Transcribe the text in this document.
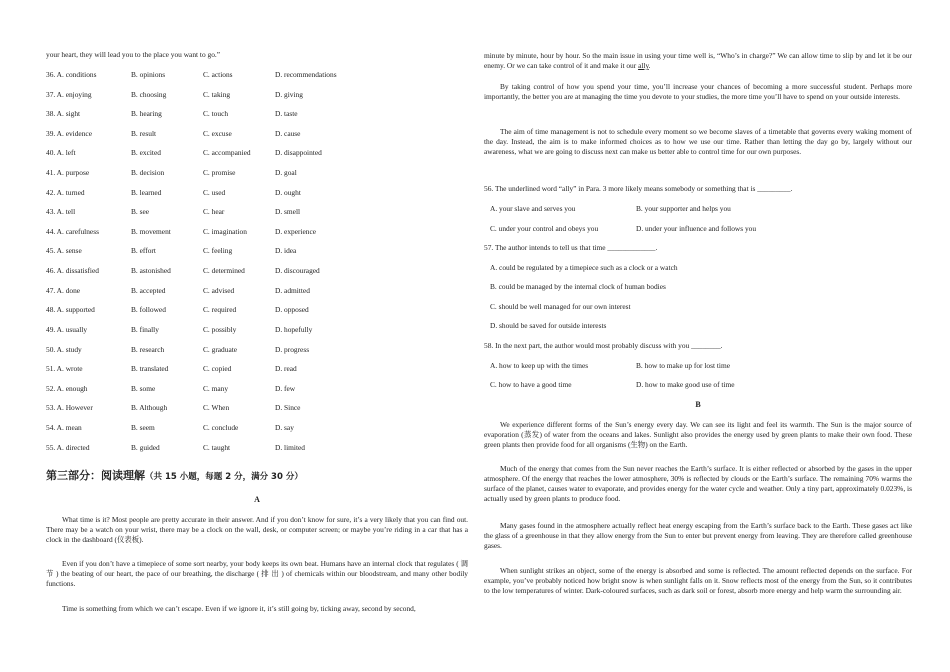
your heart, they will lead you to the place you want to go.”

36. A. conditions	B. opinions	C. actions	D. recommendations
37. A. enjoying	B. choosing	C. taking	D. giving
38. A. sight	B. hearing	C. touch	D. taste
39. A. evidence	B. result	C. excuse	D. cause
40. A. left	B. excited	C. accompanied	D. disappointed
41. A. purpose	B. decision	C. promise	D. goal
42. A. turned	B. learned	C. used	D. ought
43. A. tell	B. see	C. hear	D. smell
44. A. carefulness	B. movement	C. imagination	D. experience
45. A. sense	B. effort	C. feeling	D. idea
46. A. dissatisfied	B. astonished	C. determined	D. discouraged
47. A. done	B. accepted	C. advised	D. admitted
48. A. supported	B. followed	C. required	D. opposed
49. A. usually	B. finally	C. possibly	D. hopefully
50. A. study	B. research	C. graduate	D. progress
51. A. wrote	B. translated	C. copied	D. read
52. A. enough	B. some	C. many	D. few
53. A. However	B. Although	C. When	D. Since
54. A. mean	B. seem	C. conclude	D. say
55. A. directed	B. guided	C. taught	D. limited
第三部分：阅读理解（共 15 小题，每题 2 分，满分 30 分）

A

What time is it? Most people are pretty accurate in their answer. And if you don’t know for sure, it’s a very likely that you can find out. There may be a watch on your wrist, there may be a clock on the wall, desk, or computer screen; or maybe you’re riding in a car that has a clock in the dashboard (仪表板).

Even if you don’t have a timepiece of some sort nearby, your body keeps its own beat. Humans have an internal clock that regulates ( 调 节 ) the beating of our heart, the pace of our breathing, the discharge ( 排 出 ) of chemicals within our bloodstream, and many other bodily functions.

Time is something from which we can’t escape. Even if we ignore it, it’s still going by, ticking away, second by second,

minute by minute, hour by hour. So the main issue in using your time well is, “Who’s in charge?” We can allow time to slip by and let it be our enemy. Or we can take control of it and make it our ally.

By taking control of how you spend your time, you’ll increase your chances of becoming a more successful student. Perhaps more importantly, the better you are at managing the time you devote to your studies, the more time you’ll have to spend on your outside interests.

The aim of time management is not to schedule every moment so we become slaves of a timetable that governs every waking moment of the day. Instead, the aim is to make informed choices as to how we use our time. Rather than letting the day go by, largely without our awareness, what we are going to discuss next can make us better able to control time for our own purposes.

56. The underlined word “ally” in Para. 3 more likely means somebody or something that is _________.

A. your slave and serves you	B. your supporter and helps you
C. under your control and obeys you	D. under your influence and follows you

57. The author intends to tell us that time _____________.

A. could be regulated by a timepiece such as a clock or a watch

B. could be managed by the internal clock of human bodies

C. should be well managed for our own interest

D. should be saved for outside interests

58. In the next part, the author would most probably discuss with you ________.

A. how to keep up with the times	B. how to make up for lost time
C. how to have a good time	D. how to make good use of time

B

We experience different forms of the Sun’s energy every day. We can see its light and feel its warmth. The Sun is the major source of evaporation (蒸发) of water from the oceans and lakes. Sunlight also provides the energy used by green plants to make their own food. These green plants then provide food for all organisms (生物) on the Earth.

Much of the energy that comes from the Sun never reaches the Earth’s surface. It is either reflected or absorbed by the gases in the upper atmosphere. Of the energy that reaches the lower atmosphere, 30% is reflected by clouds or the Earth’s surface. The remaining 70% warms the surface of the planet, causes water to evaporate, and provides energy for the water cycle and weather. Only a tiny part, approximately 0.023%, is actually used by green plants to produce food.

Many gases found in the atmosphere actually reflect heat energy escaping from the Earth’s surface back to the Earth. These gases act like the glass of a greenhouse in that they allow energy from the Sun to enter but prevent energy from leaving. They are therefore called greenhouse gases.

When sunlight strikes an object, some of the energy is absorbed and some is reflected. The amount reflected depends on the surface. For example, you’ve probably noticed how bright snow is when sunlight falls on it. Snow reflects most of the energy from the Sun, so it contributes to the low temperatures of winter. Dark-coloured surfaces, such as dark soil or forest, absorb more energy and help warm the surrounding air.
